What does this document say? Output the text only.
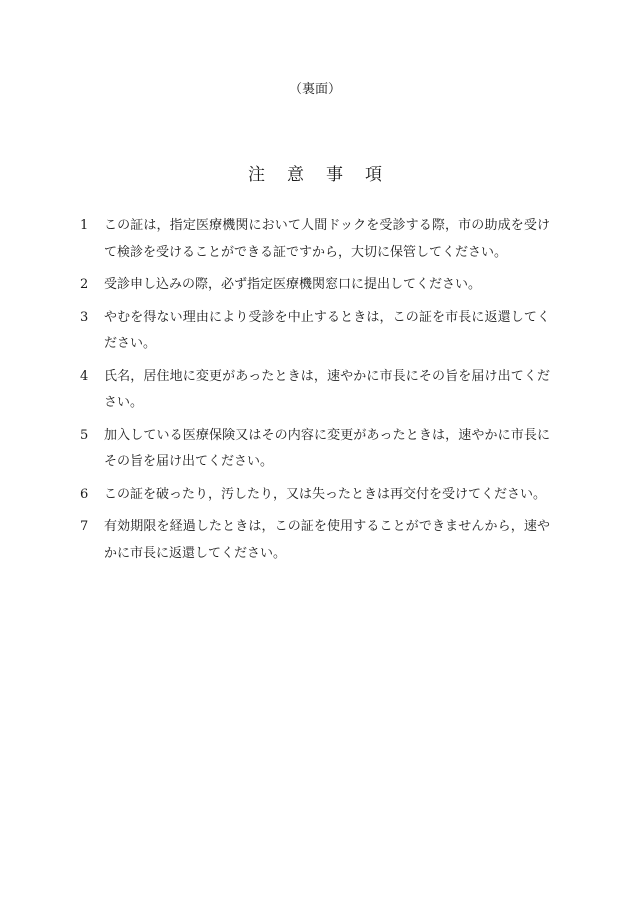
（裏面）
注意事項
1	この証は，指定医療機関において人間ドックを受診する際，市の助成を受けて検診を受けることができる証ですから，大切に保管してください。
2	受診申し込みの際，必ず指定医療機関窓口に提出してください。
3	やむを得ない理由により受診を中止するときは，この証を市長に返還してください。
4	氏名，居住地に変更があったときは，速やかに市長にその旨を届け出てください。
5	加入している医療保険又はその内容に変更があったときは，速やかに市長にその旨を届け出てください。
6	この証を破ったり，汚したり，又は失ったときは再交付を受けてください。
7	有効期限を経過したときは，この証を使用することができませんから，速やかに市長に返還してください。
